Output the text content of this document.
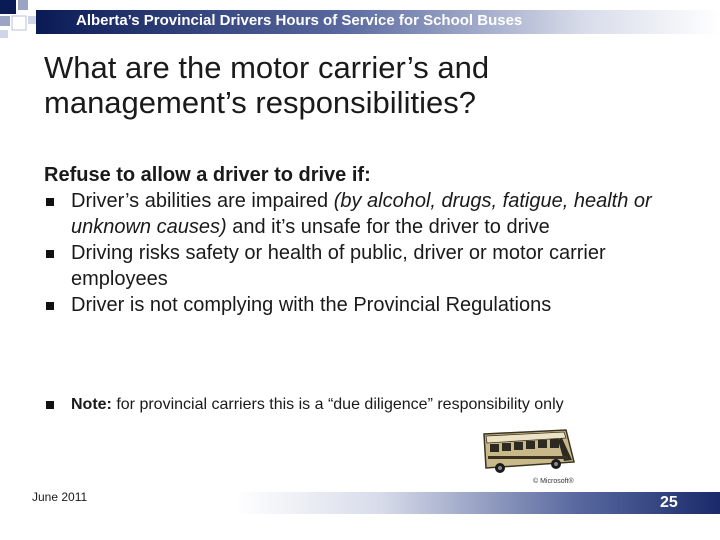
Alberta’s Provincial Drivers Hours of Service for School Buses
What are the motor carrier’s and management’s responsibilities?
Refuse to allow a driver to drive if:
Driver’s abilities are impaired (by alcohol, drugs, fatigue, health or unknown causes) and it’s unsafe for the driver to drive
Driving risks safety or health of public, driver or motor carrier employees
Driver is not complying with the Provincial Regulations
Note: for provincial carriers this is a “due diligence” responsibility only
© Microsoft®
June 2011	25
